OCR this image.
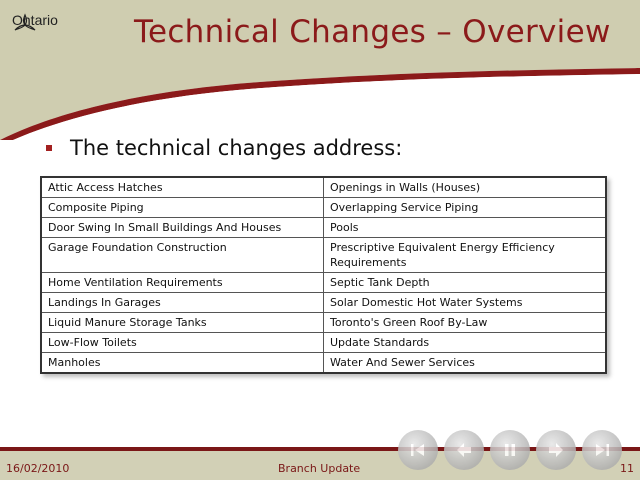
Ontario Technical Changes – Overview
The technical changes address:
Attic Access Hatches	Openings in Walls (Houses)
Composite Piping	Overlapping Service Piping
Door Swing In Small Buildings And Houses	Pools
Garage Foundation Construction	Prescriptive Equivalent Energy Efficiency Requirements
Home Ventilation Requirements	Septic Tank Depth
Landings In Garages	Solar Domestic Hot Water Systems
Liquid Manure Storage Tanks	Toronto's Green Roof By-Law
Low-Flow Toilets	Update Standards
Manholes	Water And Sewer Services
16/02/2010	Branch Update	11
